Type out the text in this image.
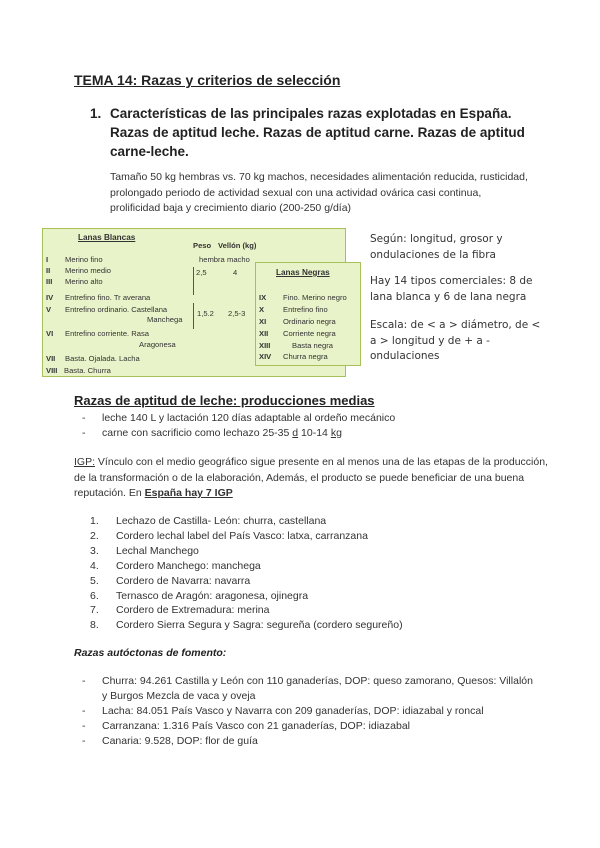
TEMA 14: Razas y criterios de selección
1. Características de las principales razas explotadas en España. Razas de aptitud leche. Razas de aptitud carne. Razas de aptitud carne-leche.
Tamaño 50 kg hembras vs. 70 kg machos, necesidades alimentación reducida, rusticidad, prolongado periodo de actividad sexual con una actividad ovárica casi continua, prolificidad baja y crecimiento diario (200-250 g/día)
Lanas Blancas
Peso Vellón (kg)
hembra macho
2,5	4
1,5.2 2,5-3
I Merino fino
II Merino medio
III Merino alto
IV Entrefino fino. Tr averana
V Entrefino ordinario. Castellana
Manchega
VI Entrefino corriente. Rasa
Aragonesa
VII Basta. Ojalada. Lacha
VIII Basta. Churra
Lanas Negras
IX Fino. Merino negro
X Entrefino fino
XI Ordinario negra
XII Corriente negra
XIII	Basta negra
XIV Churra negra
Según: longitud, grosor y ondulaciones de la fibra
Hay 14 tipos comerciales: 8 de lana blanca y 6 de lana negra
Escala: de < a > diámetro, de < a > longitud y de + a -ondulaciones
Razas de aptitud de leche: producciones medias
- leche 140 L y lactación 120 días adaptable al ordeño mecánico
- carne con sacrificio como lechazo 25-35 d 10-14 kg
IGP: Vínculo con el medio geográfico sigue presente en al menos una de las etapas de la producción, de la transformación o de la elaboración, Además, el producto se puede beneficiar de una buena reputación. En España hay 7 IGP
1. Lechazo de Castilla- León: churra, castellana
2. Cordero lechal label del País Vasco: latxa, carranzana
3. Lechal Manchego
4. Cordero Manchego: manchega
5. Cordero de Navarra: navarra
6. Ternasco de Aragón: aragonesa, ojinegra
7. Cordero de Extremadura: merina
8. Cordero Sierra Segura y Sagra: segureña (cordero segureño)
Razas autóctonas de fomento:
- Churra: 94.261 Castilla y León con 110 ganaderías, DOP: queso zamorano, Quesos: Villalón y Burgos Mezcla de vaca y oveja
- Lacha: 84.051 País Vasco y Navarra con 209 ganaderías, DOP: idiazabal y roncal
- Carranzana: 1.316 País Vasco con 21 ganaderías, DOP: idiazabal
- Canaria: 9.528, DOP: flor de guía
